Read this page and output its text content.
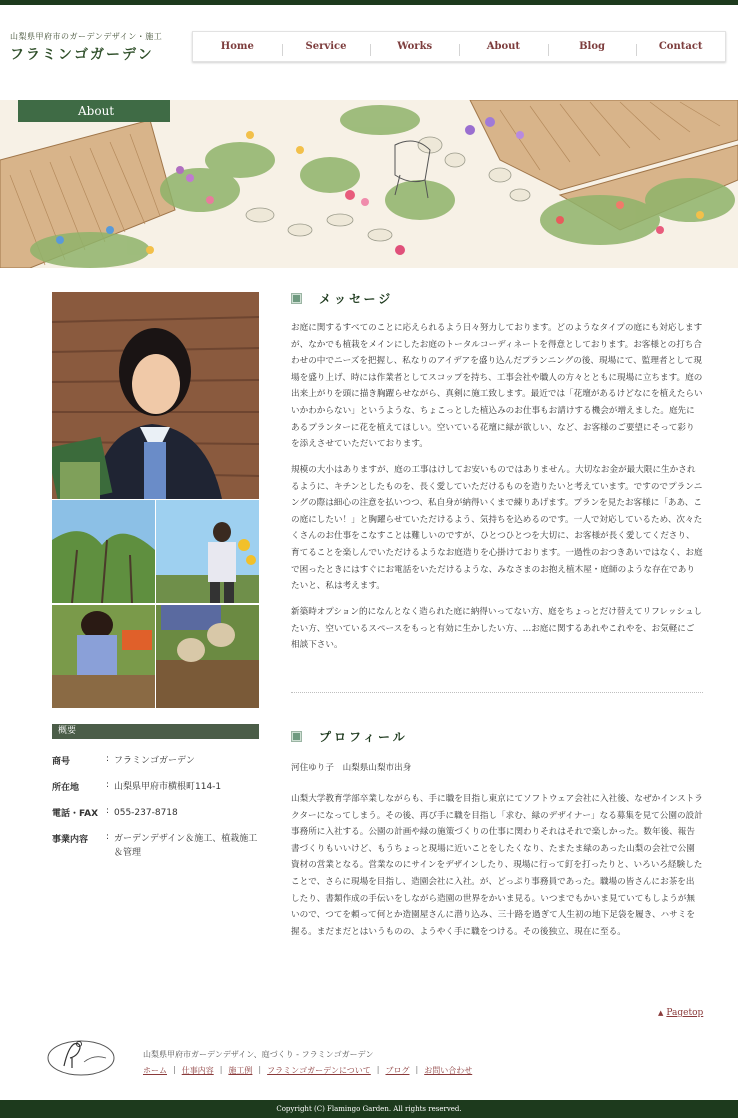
山梨県甲府市のガーデンデザイン・施工
フラミンゴガーデン
Home	Service	Works	About	Blog	Contact
About
概要
商号	: フラミンゴガーデン
所在地	: 山梨県甲府市横根町114-1
電話・FAX : 055-237-8718
事業内容	: ガーデンデザイン＆施工、植栽施工＆管理
メッセージ

お庭に関するすべてのことに応えられるよう日々努力しております。どのようなタイプの庭にも対応しますが、なかでも植栽をメインにしたお庭のトータルコーディネートを得意としております。お客様との打ち合わせの中でニーズを把握し、私なりのアイデアを盛り込んだプランニングの後、現場にて、監理者として現場を盛り上げ、時には作業者としてスコップを持ち、工事会社や職人の方々とともに現場に立ちます。庭の出来上がりを頭に描き胸躍らせながら、真剣に施工致します。最近では「花壇があるけどなにを植えたらいいかわからない」というような、ちょこっとした植込みのお仕事もお請けする機会が増えました。庭先にあるプランターに花を植えてほしい。空いている花壇に緑が欲しい、など、お客様のご要望にそって彩りを添えさせていただいております。

規模の大小はありますが、庭の工事はけしてお安いものではありません。大切なお金が最大限に生かされるように、キチンとしたものを、長く愛していただけるものを造りたいと考えています。ですのでプランニングの際は細心の注意を払いつつ、私自身が納得いくまで練りあげます。プランを見たお客様に「ああ、この庭にしたい！」と胸躍らせていただけるよう、気持ちを込めるのです。一人で対応しているため、次々たくさんのお仕事をこなすことは難しいのですが、ひとつひとつを大切に、お客様が長く愛してくださり、育てることを楽しんでいただけるようなお庭造りを心掛けております。一過性のおつきあいではなく、お庭で困ったときにはすぐにお電話をいただけるような、みなさまのお抱え植木屋・庭師のような存在でありたいと、私は考えます。

新築時オプション的になんとなく造られた庭に納得いってない方、庭をちょっとだけ替えてリフレッシュしたい方、空いているスペースをもっと有効に生かしたい方、…お庭に関するあれやこれやを、お気軽にご相談下さい。

プロフィール

河住ゆり子　山梨県山梨市出身

山梨大学教育学部卒業しながらも、手に職を目指し東京にてソフトウェア会社に入社後、なぜかインストラクターになってしまう。その後、再び手に職を目指し「求む、緑のデザイナー」なる募集を見て公園の設計事務所に入社する。公園の計画や緑の施策づくりの仕事に関わりそれはそれで楽しかった。数年後、報告書づくりもいいけど、もうちょっと現場に近いことをしたくなり、たまたま緑のあった山梨の会社で公園資材の営業となる。営業なのにサインをデザインしたり、現場に行って釘を打ったりと、いろいろ経験したことで、さらに現場を目指し、造園会社に入社。が、どっぷり事務員であった。職場の皆さんにお茶を出したり、書類作成の手伝いをしながら造園の世界をかいま見る。いつまでもかいま見ていてもしようが無いので、つてを頼って何とか造園屋さんに潜り込み、三十路を過ぎて人生初の地下足袋を履き、ハサミを握る。まだまだとはいうものの、ようやく手に職をつける。その後独立、現在に至る。

▲ Pagetop
山梨県甲府市ガーデンデザイン、庭づくり - フラミンゴガーデン
ホーム | 仕事内容 | 施工例 | フラミンゴガーデンについて | ブログ | お問い合わせ
Copyright (C) Flamingo Garden. All rights reserved.
